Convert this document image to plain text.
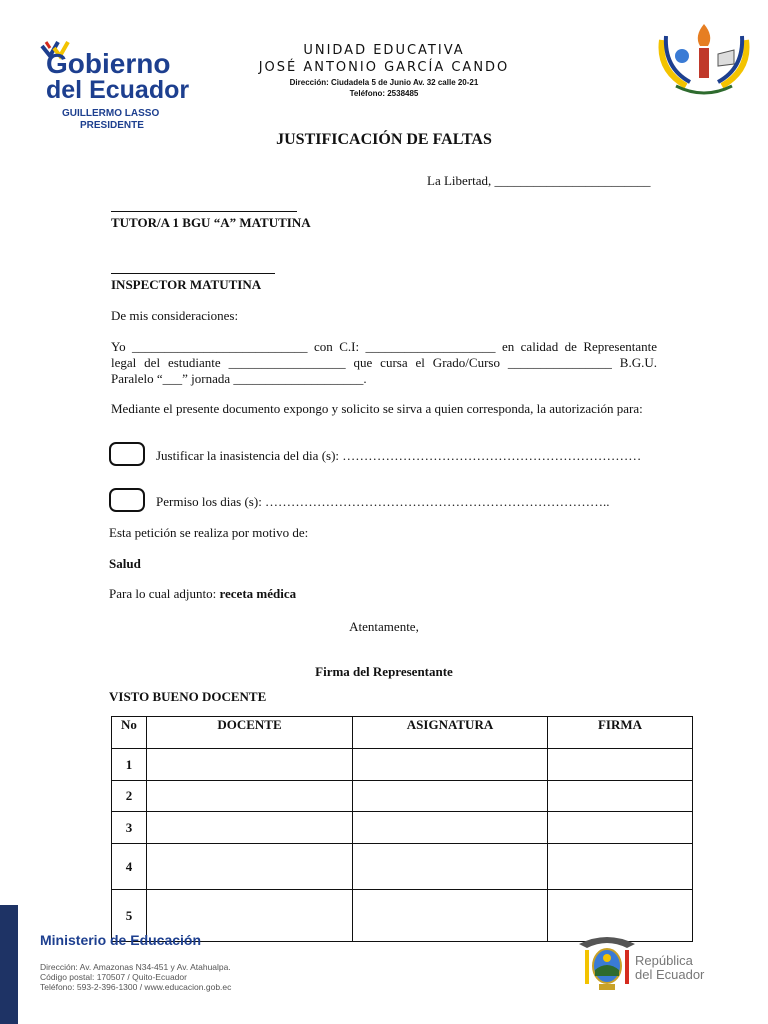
Gobierno
del Ecuador
GUILLERMO LASSO
PRESIDENTE
UNIDAD EDUCATIVA
JOSÉ ANTONIO GARCÍA CANDO
Dirección: Ciudadela 5 de Junio Av. 32 calle 20-21
Teléfono: 2538485
JUSTIFICACIÓN DE FALTAS
La Libertad, ________________________
TUTOR/A 1 BGU “A” MATUTINA
INSPECTOR MATUTINA
De mis consideraciones:
Yo ___________________________ con C.I: ____________________ en calidad de Representante legal del estudiante __________________ que cursa el Grado/Curso ________________ B.G.U. Paralelo “___” jornada ____________________.
Mediante el presente documento expongo y solicito se sirva a quien corresponda, la autorización para:
Justificar la inasistencia del dia (s): ……………………………………………………………
Permiso los dias (s): ……………………………………………………………………..
Esta petición se realiza por motivo de:
Salud
Para lo cual adjunto: receta médica
Atentamente,
Firma del Representante
VISTO BUENO DOCENTE
No	DOCENTE	ASIGNATURA	FIRMA
1			
2			
3			
4			
5			
Ministerio de Educación
Dirección: Av. Amazonas N34-451 y Av. Atahualpa.
Código postal: 170507 / Quito-Ecuador
Teléfono: 593-2-396-1300 / www.educacion.gob.ec
República
del Ecuador
